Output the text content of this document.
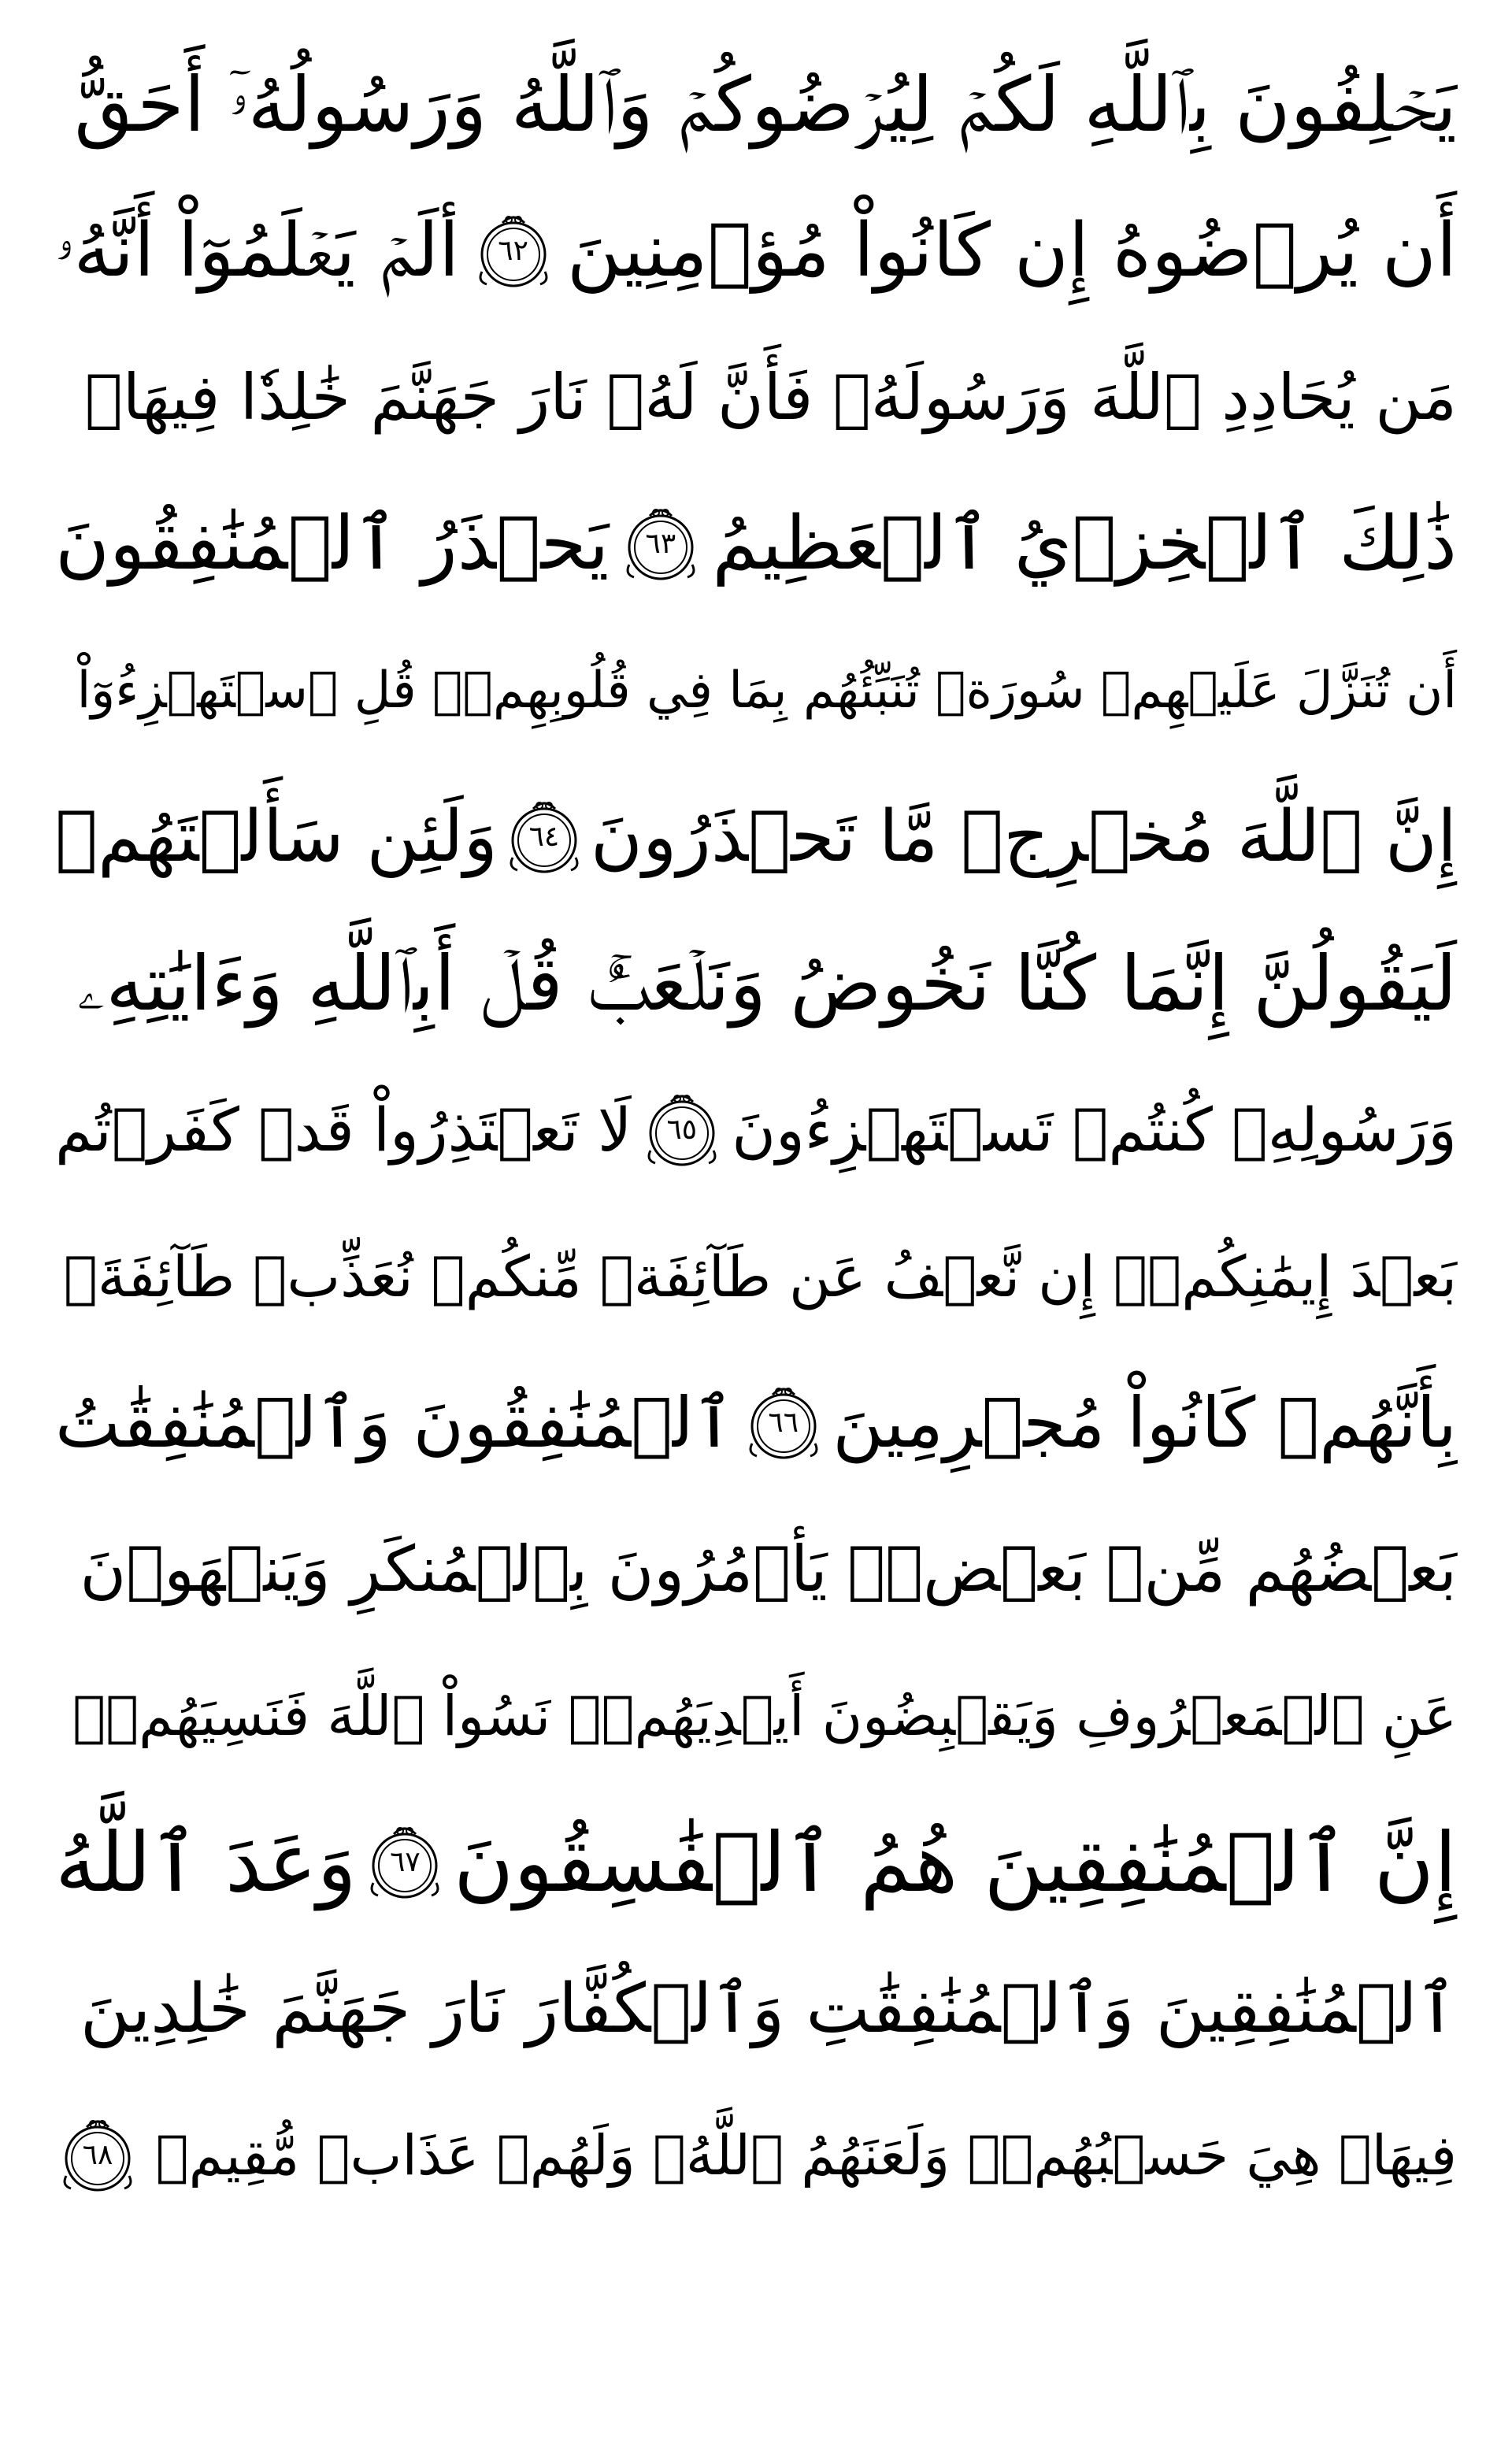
يَحۡلِفُونَ بِٱللَّهِ لَكُمۡ لِيُرۡضُوكُمۡ وَٱللَّهُ وَرَسُولُهُۥٓ أَحَقُّ
أَن يُرۡضُوهُ إِن كَانُواْ مُؤۡمِنِينَ
٦٢
ألَمۡ يَعۡلَمُوٓاْ أَنَّهُۥ
مَن يُحَادِدِ ٱللَّهَ وَرَسُولَهُۥ فَأَنَّ لَهُۥ نَارَ جَهَنَّمَ خَٰلِدٗا فِيهَاۚ
ذَٰلِكَ ٱلۡخِزۡيُ ٱلۡعَظِيمُ
٦٣
يَحۡذَرُ ٱلۡمُنَٰفِقُونَ
أَن تُنَزَّلَ عَلَيۡهِمۡ سُورَةٞ تُنَبِّئُهُم بِمَا فِي قُلُوبِهِمۡۚ قُلِ ٱسۡتَهۡزِءُوٓاْ
إِنَّ ٱللَّهَ مُخۡرِجٞ مَّا تَحۡذَرُونَ
٦٤
وَلَئِن سَأَلۡتَهُمۡ
لَيَقُولُنَّ إِنَّمَا كُنَّا نَخُوضُ وَنَلۡعَبُۚ قُلۡ أَبِٱللَّهِ وَءَايَٰتِهِۦ
وَرَسُولِهِۦ كُنتُمۡ تَسۡتَهۡزِءُونَ
٦٥
لَا تَعۡتَذِرُواْ قَدۡ كَفَرۡتُم
بَعۡدَ إِيمَٰنِكُمۡۚ إِن نَّعۡفُ عَن طَآئِفَةٖ مِّنكُمۡ نُعَذِّبۡ طَآئِفَةَۢ
بِأَنَّهُمۡ كَانُواْ مُجۡرِمِينَ
٦٦
ٱلۡمُنَٰفِقُونَ وَٱلۡمُنَٰفِقَٰتُ
بَعۡضُهُم مِّنۢ بَعۡضٖۚ يَأۡمُرُونَ بِٱلۡمُنكَرِ وَيَنۡهَوۡنَ
عَنِ ٱلۡمَعۡرُوفِ وَيَقۡبِضُونَ أَيۡدِيَهُمۡۚ نَسُواْ ٱللَّهَ فَنَسِيَهُمۡۗ
إِنَّ ٱلۡمُنَٰفِقِينَ هُمُ ٱلۡفَٰسِقُونَ
٦٧
وَعَدَ ٱللَّهُ
ٱلۡمُنَٰفِقِينَ وَٱلۡمُنَٰفِقَٰتِ وَٱلۡكُفَّارَ نَارَ جَهَنَّمَ خَٰلِدِينَ
فِيهَاۚ هِيَ حَسۡبُهُمۡۚ وَلَعَنَهُمُ ٱللَّهُۖ وَلَهُمۡ عَذَابٞ مُّقِيمٞ
٦٨
